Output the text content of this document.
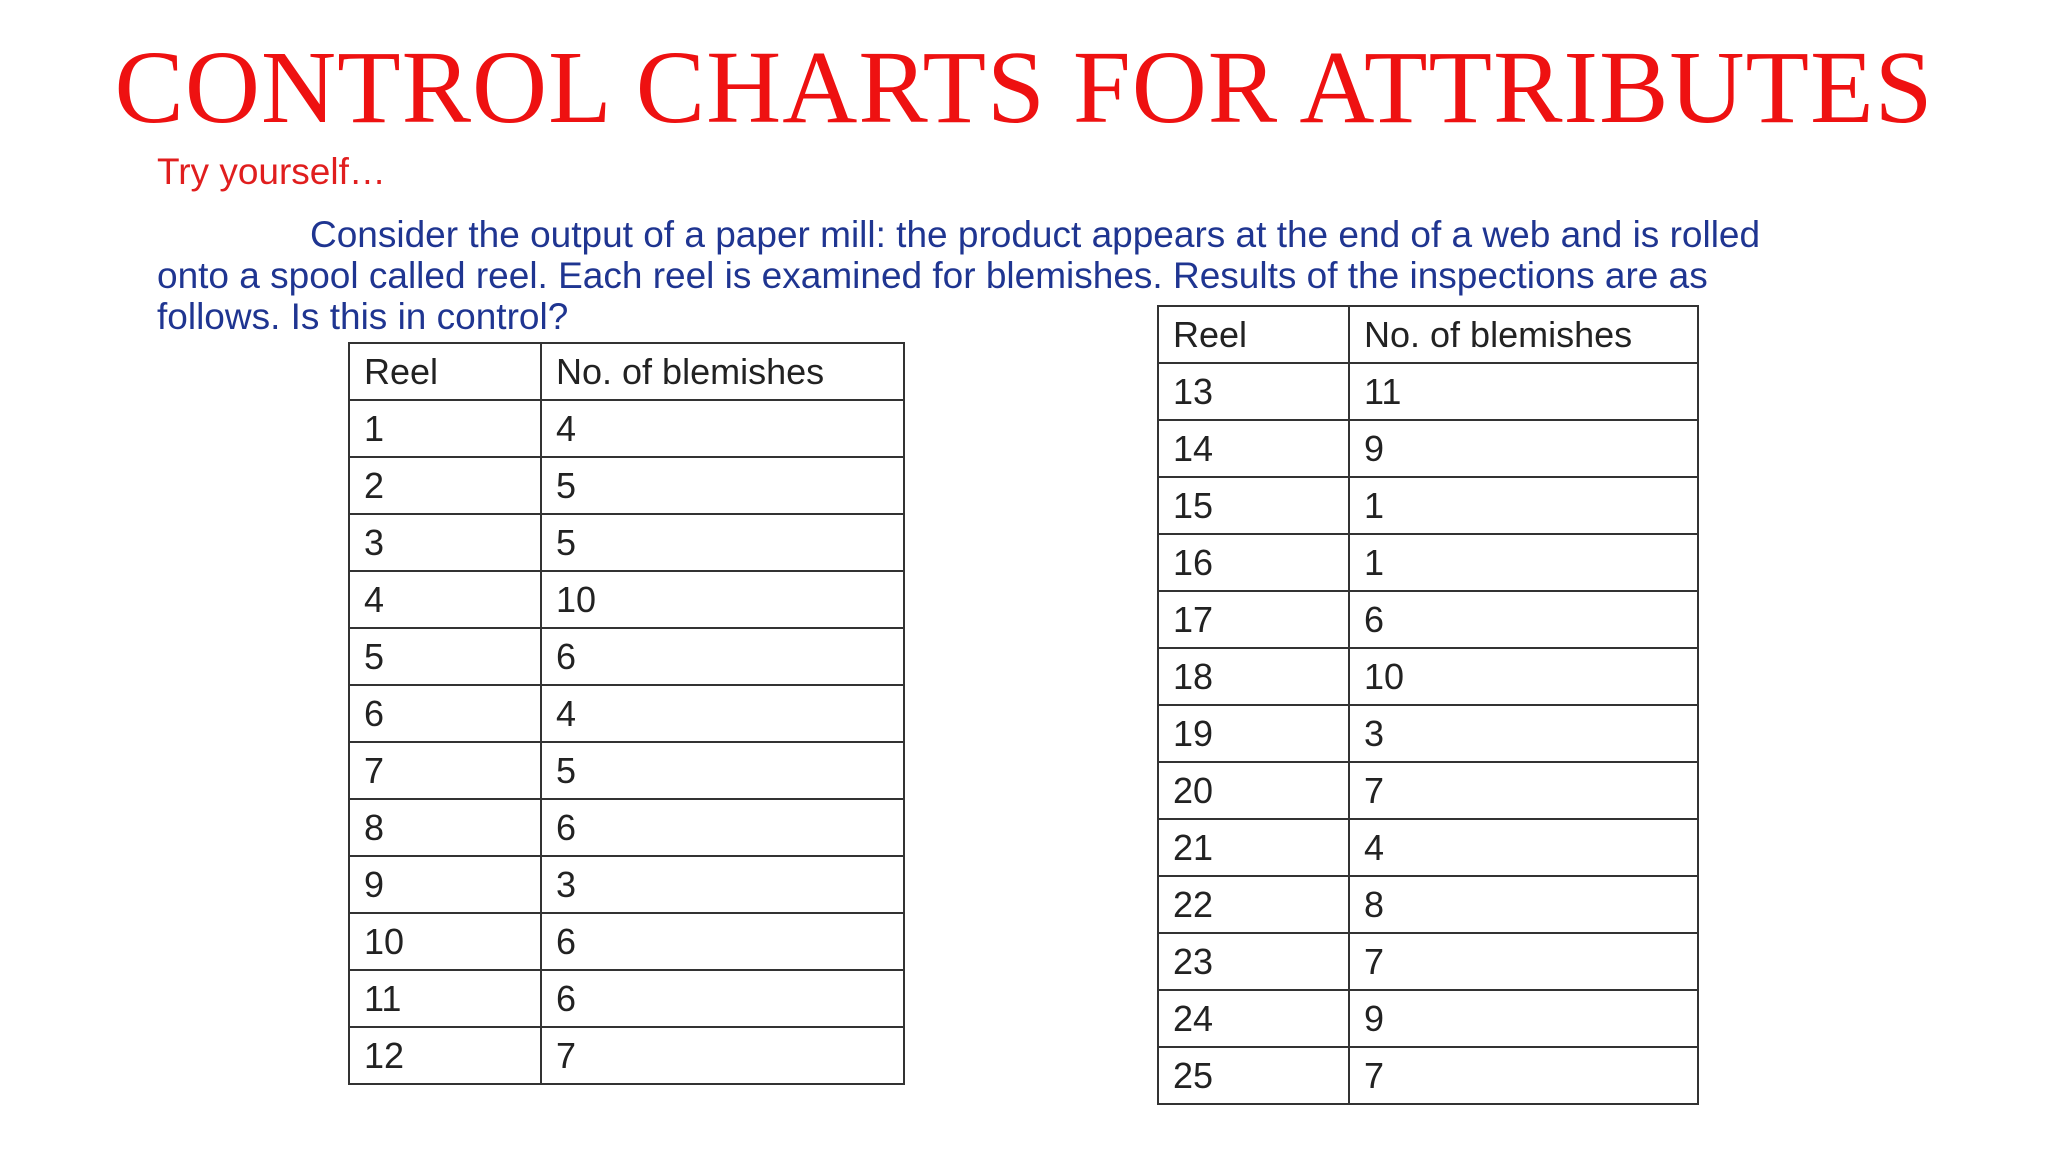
CONTROL CHARTS FOR ATTRIBUTES
Try yourself…
Consider the output of a paper mill: the product appears at the end of a web and is rolled
onto a spool called reel. Each reel is examined for blemishes. Results of the inspections are as
follows. Is this in control?
Reel	No. of blemishes
1	4
2	5
3	5
4	10
5	6
6	4
7	5
8	6
9	3
10	6
11	6
12	7
Reel	No. of blemishes
13	11
14	9
15	1
16	1
17	6
18	10
19	3
20	7
21	4
22	8
23	7
24	9
25	7
